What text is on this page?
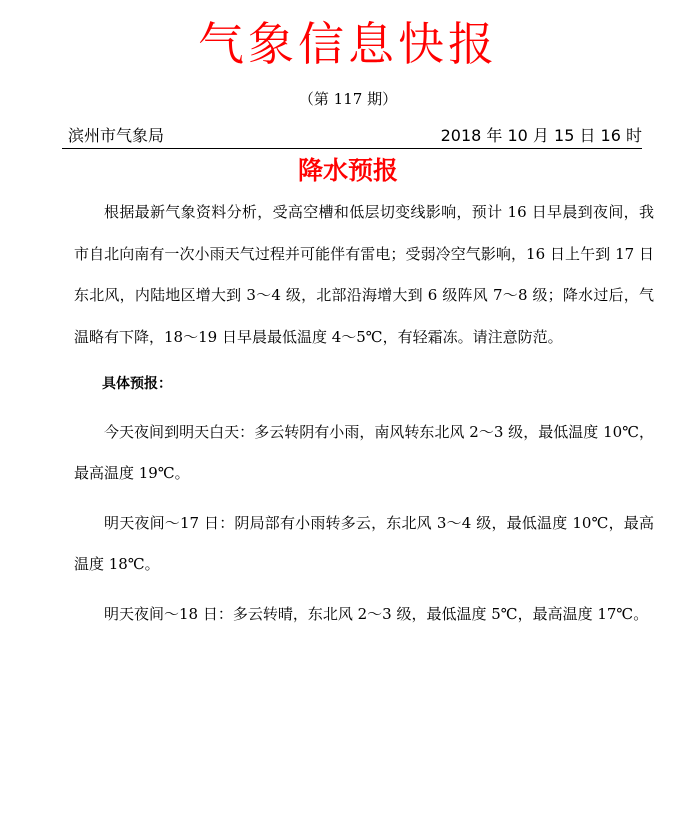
气象信息快报
（第 117 期）
滨州市气象局	2018 年 10 月 15 日 16 时
降水预报

根据最新气象资料分析，受高空槽和低层切变线影响，预计 16 日早晨到夜间，我市自北向南有一次小雨天气过程并可能伴有雷电；受弱冷空气影响，16 日上午到 17 日东北风，内陆地区增大到 3～4 级，北部沿海增大到 6 级阵风 7～8 级；降水过后，气温略有下降，18～19 日早晨最低温度 4～5℃，有轻霜冻。请注意防范。

具体预报：

今天夜间到明天白天：多云转阴有小雨，南风转东北风 2～3 级，最低温度 10℃，最高温度 19℃。

明天夜间～17 日：阴局部有小雨转多云，东北风 3～4 级，最低温度 10℃，最高温度 18℃。

明天夜间～18 日：多云转晴，东北风 2～3 级，最低温度 5℃，最高温度 17℃。
